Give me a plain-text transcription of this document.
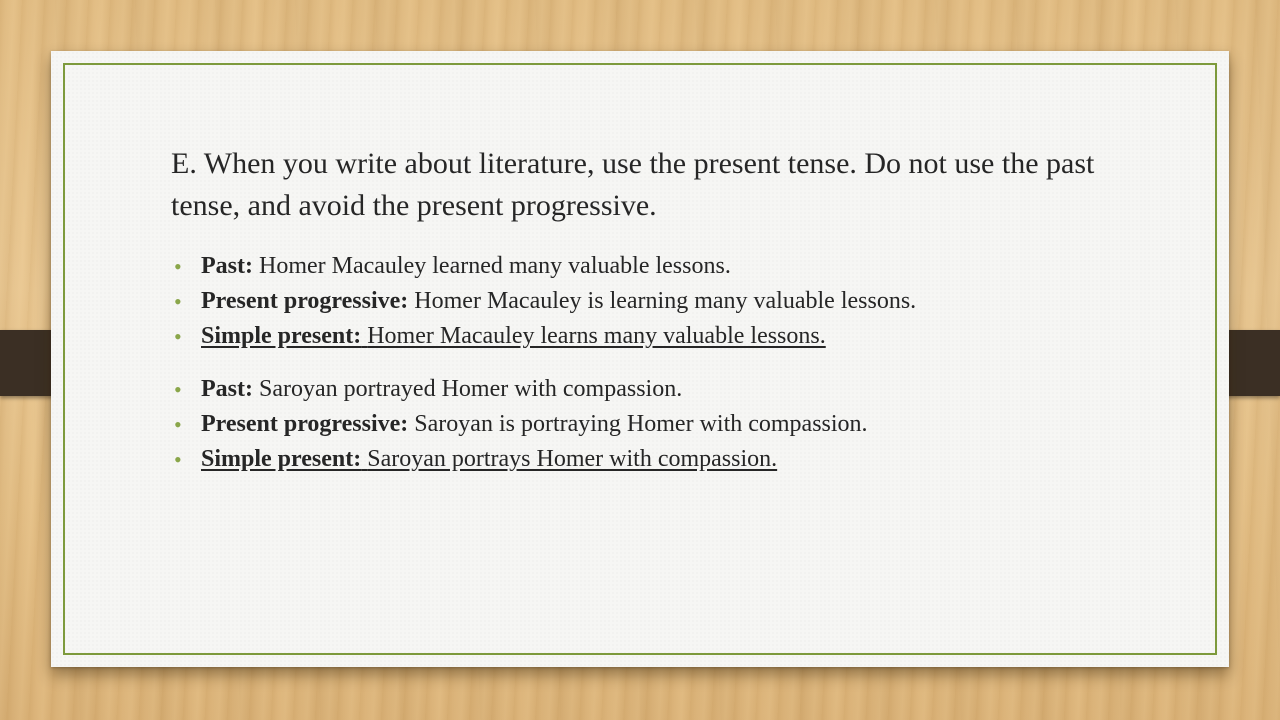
E. When you write about literature, use the present tense. Do not use the past tense, and avoid the present progressive.

• Past: Homer Macauley learned many valuable lessons.
• Present progressive: Homer Macauley is learning many valuable lessons.
• Simple present: Homer Macauley learns many valuable lessons.
• Past: Saroyan portrayed Homer with compassion.
• Present progressive: Saroyan is portraying Homer with compassion.
• Simple present: Saroyan portrays Homer with compassion.
